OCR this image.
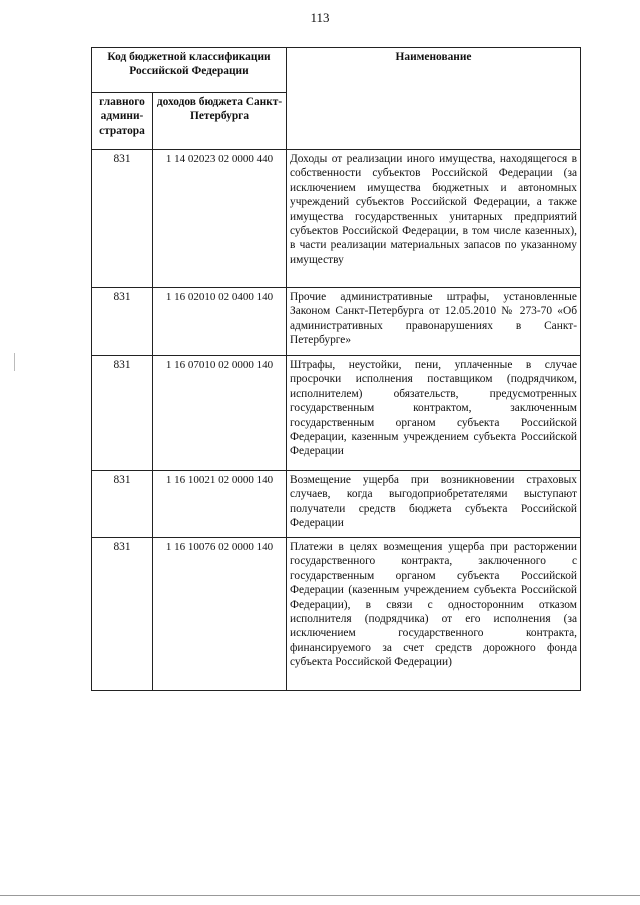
113
Код бюджетной классификации Российской Федерации		Наименование
главного админи-стратора	доходов бюджета Санкт-Петербурга	
831	1 14 02023 02 0000 440	Доходы от реализации иного имущества, находящегося в собственности субъектов Российской Федерации (за исключением имущества бюджетных и автономных учреждений субъектов Российской Федерации, а также имущества государственных унитарных предприятий субъектов Российской Федерации, в том числе казенных), в части реализации материальных запасов по указанному имуществу
831	1 16 02010 02 0400 140	Прочие административные штрафы, установленные Законом Санкт-Петербурга от 12.05.2010 № 273-70 «Об административных правонарушениях в Санкт-Петербурге»
831	1 16 07010 02 0000 140	Штрафы, неустойки, пени, уплаченные в случае просрочки исполнения поставщиком (подрядчиком, исполнителем) обязательств, предусмотренных государственным контрактом, заключенным государственным органом субъекта Российской Федерации, казенным учреждением субъекта Российской Федерации
831	1 16 10021 02 0000 140	Возмещение ущерба при возникновении страховых случаев, когда выгодоприобретателями выступают получатели средств бюджета субъекта Российской Федерации
831	1 16 10076 02 0000 140	Платежи в целях возмещения ущерба при расторжении государственного контракта, заключенного с государственным органом субъекта Российской Федерации (казенным учреждением субъекта Российской Федерации), в связи с односторонним отказом исполнителя (подрядчика) от его исполнения (за исключением государственного контракта, финансируемого за счет средств дорожного фонда субъекта Российской Федерации)
